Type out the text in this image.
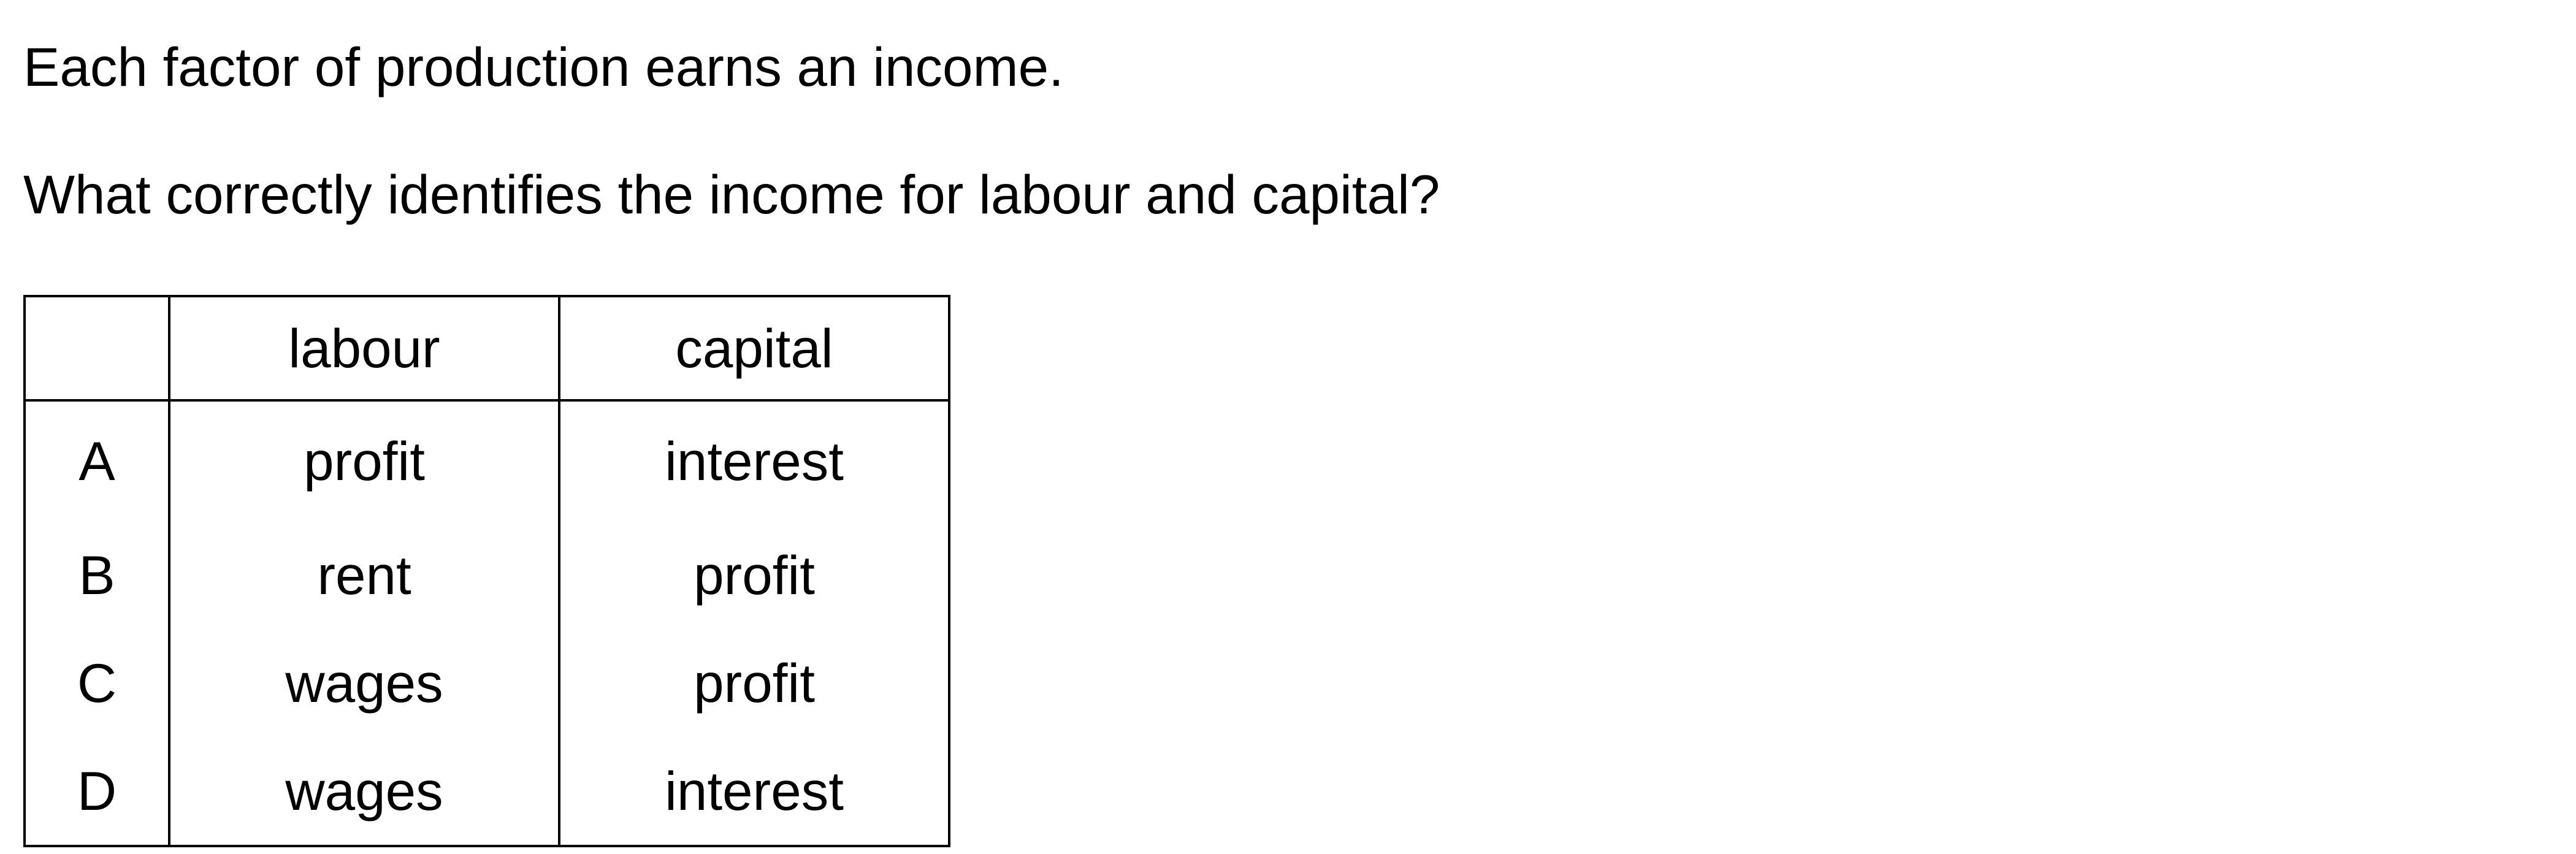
Each factor of production earns an income.

What correctly identifies the income for labour and capital?

	labour	capital
A	profit	interest
B	rent	profit
C	wages	profit
D	wages	interest
